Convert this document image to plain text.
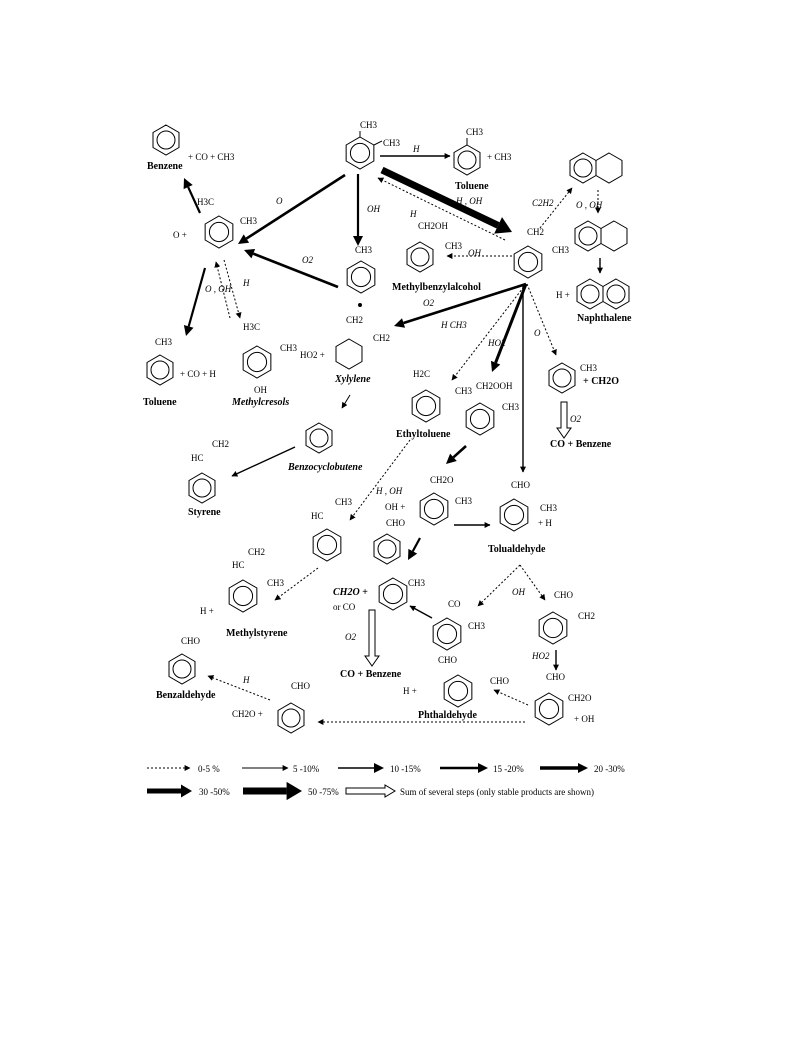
CH3
CH3
Benzene
+ CO + CH3
CH3
+ CH3
Toluene
H3C
CH3
O +
CH3
CH2OH
CH3
Methylbenzylalcohol
CH2
CH3
H +
Naphthalene
CH3
+ CO + H
Toluene
H3C
CH3
OH
Methylcresols
CH2
CH2
HO2 +
Xylylene	H2C
CH3
Ethyltoluene
CH2OOH
CH3
CH3
+ CH2O
CO + Benzene
Benzocyclobutene
HC
CH2
Styrene
CH2O
CH3
OH +
CHO
CH3
+ H
Tolualdehyde
HC
CH3
CHO
HC
CH2
CH3
H +
Methylstyrene
CH3
CH2O +
or CO
CO + Benzene
CO
CH3
CHO
CH2
CHO
Benzaldehyde
CHO
CHO
H +
Phthaldehyde
CHO
CH2O +
CHO
CH2O
+ OH
H
O
OH
H , OH
H
OH
C2H2 O , OH
O , OH
H
O2
O2
H CH3
HO2
O
O2
H , OH
O2
OH
HO2
H
0-5 %	5 -10%	10 -15%	15 -20%	20 -30%
30 -50%	50 -75%	Sum of several steps (only stable products are shown)
